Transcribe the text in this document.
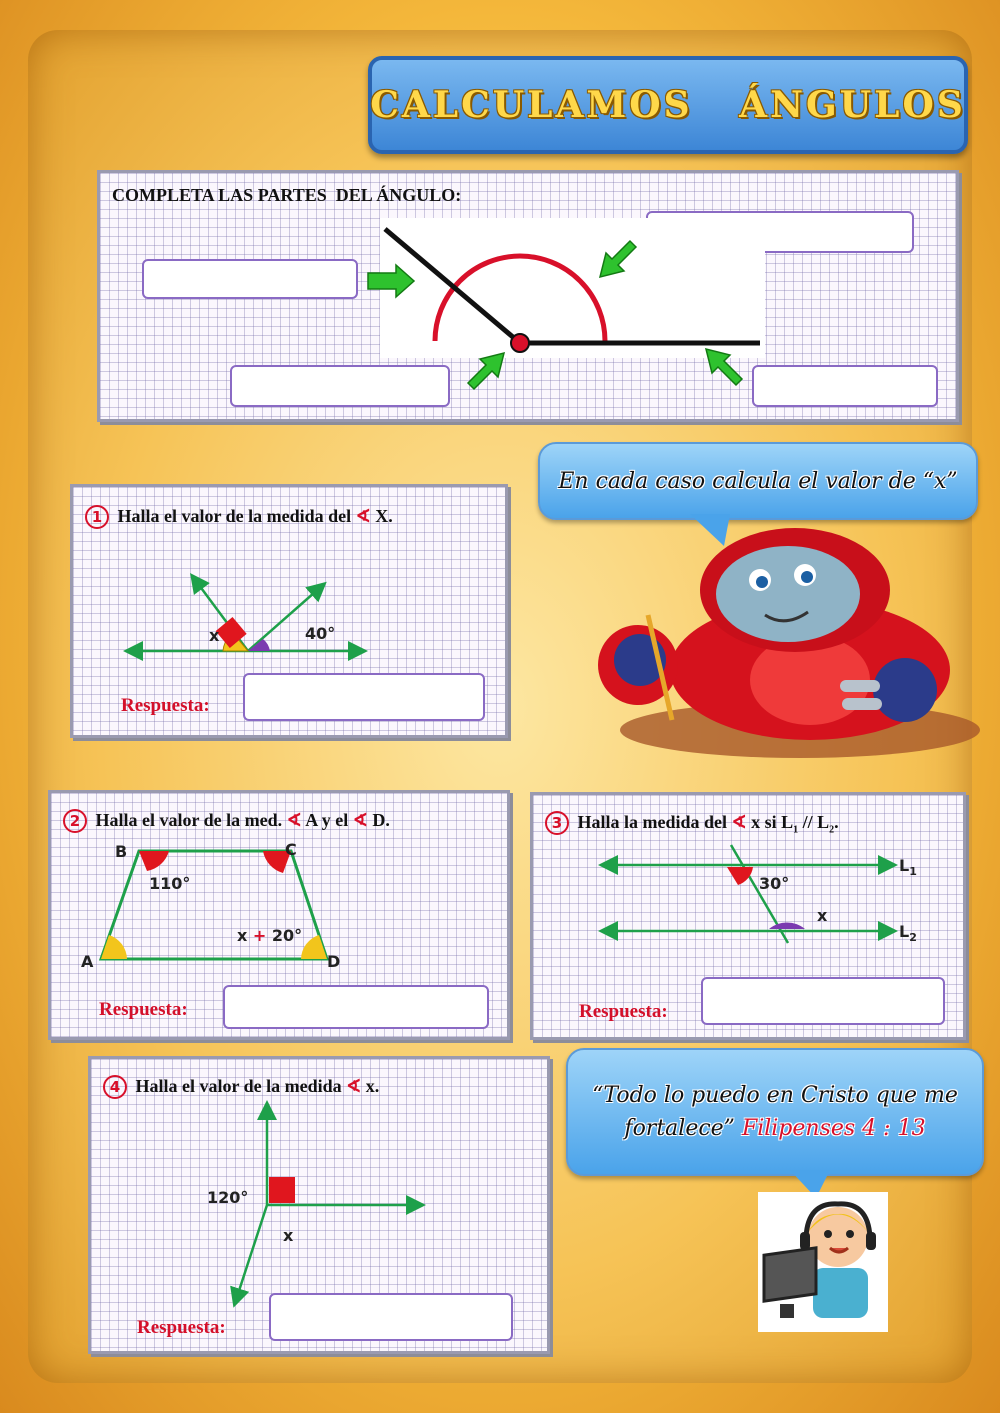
CALCULAMOS   ÁNGULOS
COMPLETA LAS PARTES  DEL ÁNGULO:
En cada caso calcula el valor de “x”
1 Halla el valor de la medida del ∢ X.
x	40°
Respuesta:
2 Halla el valor de la med. ∢ A y el ∢ D.
B	C
A	D
110°
x + 20°
Respuesta:
3 Halla la medida del ∢ x si $L_1 // L_2$.
30°
x
$L_1$
$L_2$
Respuesta:
4 Halla el valor de la medida ∢ x.
120°
x
Respuesta:
“Todo lo puedo en Cristo que me
fortalece” Filipenses 4 : 13
